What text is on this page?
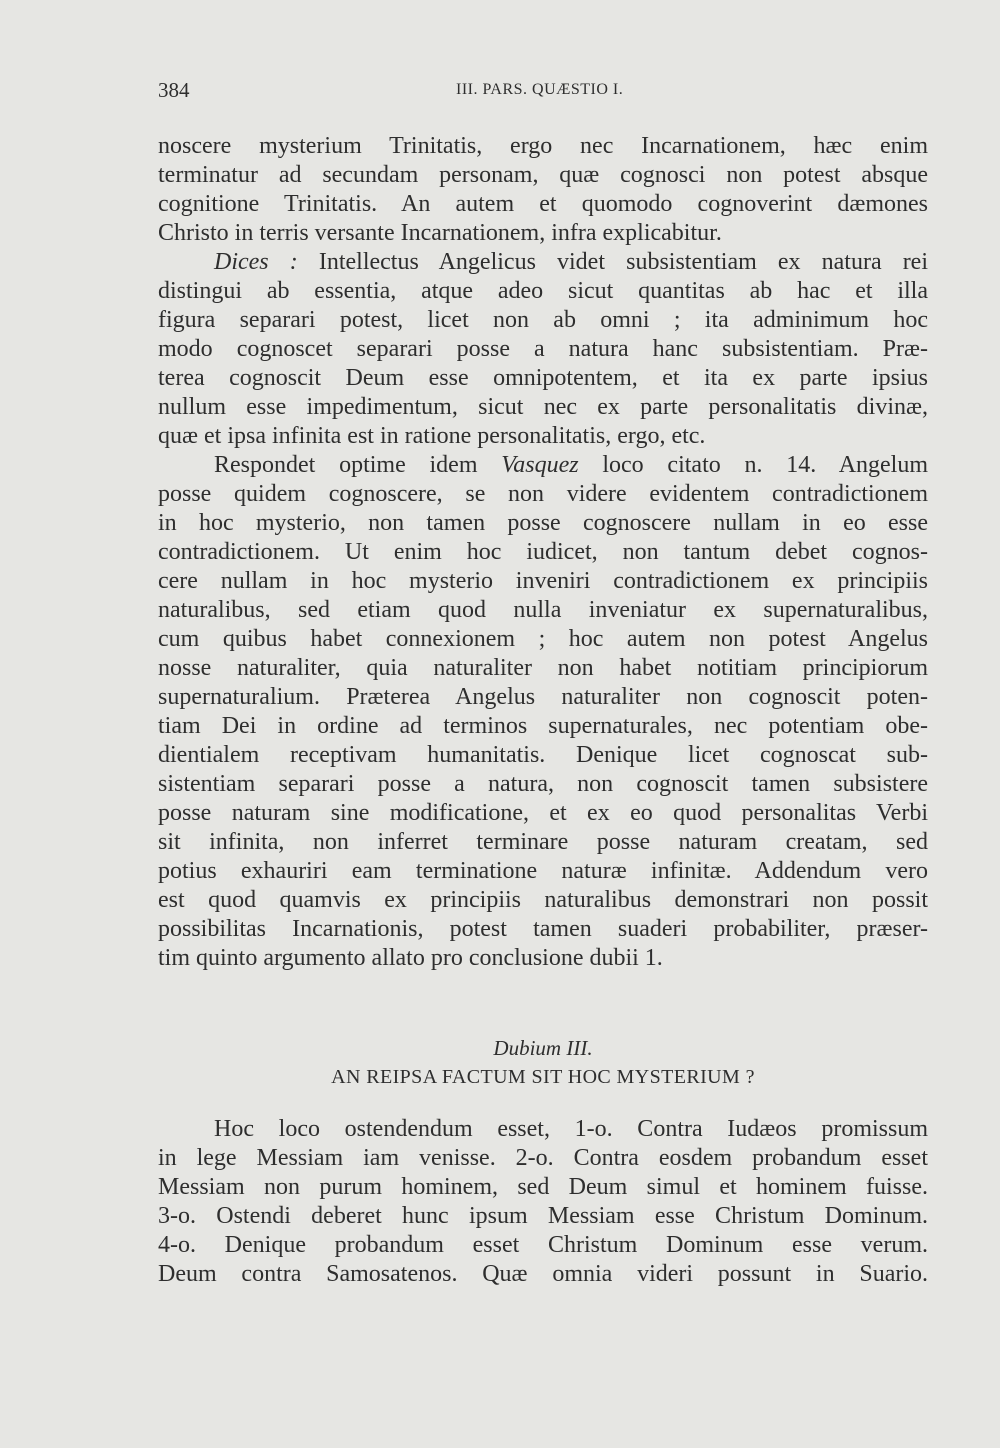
384	III. PARS. QUÆSTIO I.
noscere mysterium Trinitatis, ergo nec Incarnationem, hæc enim
terminatur ad secundam personam, quæ cognosci non potest absque
cognitione Trinitatis. An autem et quomodo cognoverint dæmones
Christo in terris versante Incarnationem, infra explicabitur.
Dices : Intellectus Angelicus videt subsistentiam ex natura rei
distingui ab essentia, atque adeo sicut quantitas ab hac et illa
figura separari potest, licet non ab omni ; ita adminimum hoc
modo cognoscet separari posse a natura hanc subsistentiam. Præ-
terea cognoscit Deum esse omnipotentem, et ita ex parte ipsius
nullum esse impedimentum, sicut nec ex parte personalitatis divinæ,
quæ et ipsa infinita est in ratione personalitatis, ergo, etc.
Respondet optime idem Vasquez loco citato n. 14. Angelum
posse quidem cognoscere, se non videre evidentem contradictionem
in hoc mysterio, non tamen posse cognoscere nullam in eo esse
contradictionem. Ut enim hoc iudicet, non tantum debet cognos-
cere nullam in hoc mysterio inveniri contradictionem ex principiis
naturalibus, sed etiam quod nulla inveniatur ex supernaturalibus,
cum quibus habet connexionem ; hoc autem non potest Angelus
nosse naturaliter, quia naturaliter non habet notitiam principiorum
supernaturalium. Præterea Angelus naturaliter non cognoscit poten-
tiam Dei in ordine ad terminos supernaturales, nec potentiam obe-
dientialem receptivam humanitatis. Denique licet cognoscat sub-
sistentiam separari posse a natura, non cognoscit tamen subsistere
posse naturam sine modificatione, et ex eo quod personalitas Verbi
sit infinita, non inferret terminare posse naturam creatam, sed
potius exhauriri eam terminatione naturæ infinitæ. Addendum vero
est quod quamvis ex principiis naturalibus demonstrari non possit
possibilitas Incarnationis, potest tamen suaderi probabiliter, præser-
tim quinto argumento allato pro conclusione dubii 1.
Dubium III.
AN REIPSA FACTUM SIT HOC MYSTERIUM ?
Hoc loco ostendendum esset, 1-o. Contra Iudæos promissum
in lege Messiam iam venisse. 2-o. Contra eosdem probandum esset
Messiam non purum hominem, sed Deum simul et hominem fuisse.
3-o. Ostendi deberet hunc ipsum Messiam esse Christum Dominum.
4-o. Denique probandum esset Christum Dominum esse verum.
Deum contra Samosatenos. Quæ omnia videri possunt in Suario.
